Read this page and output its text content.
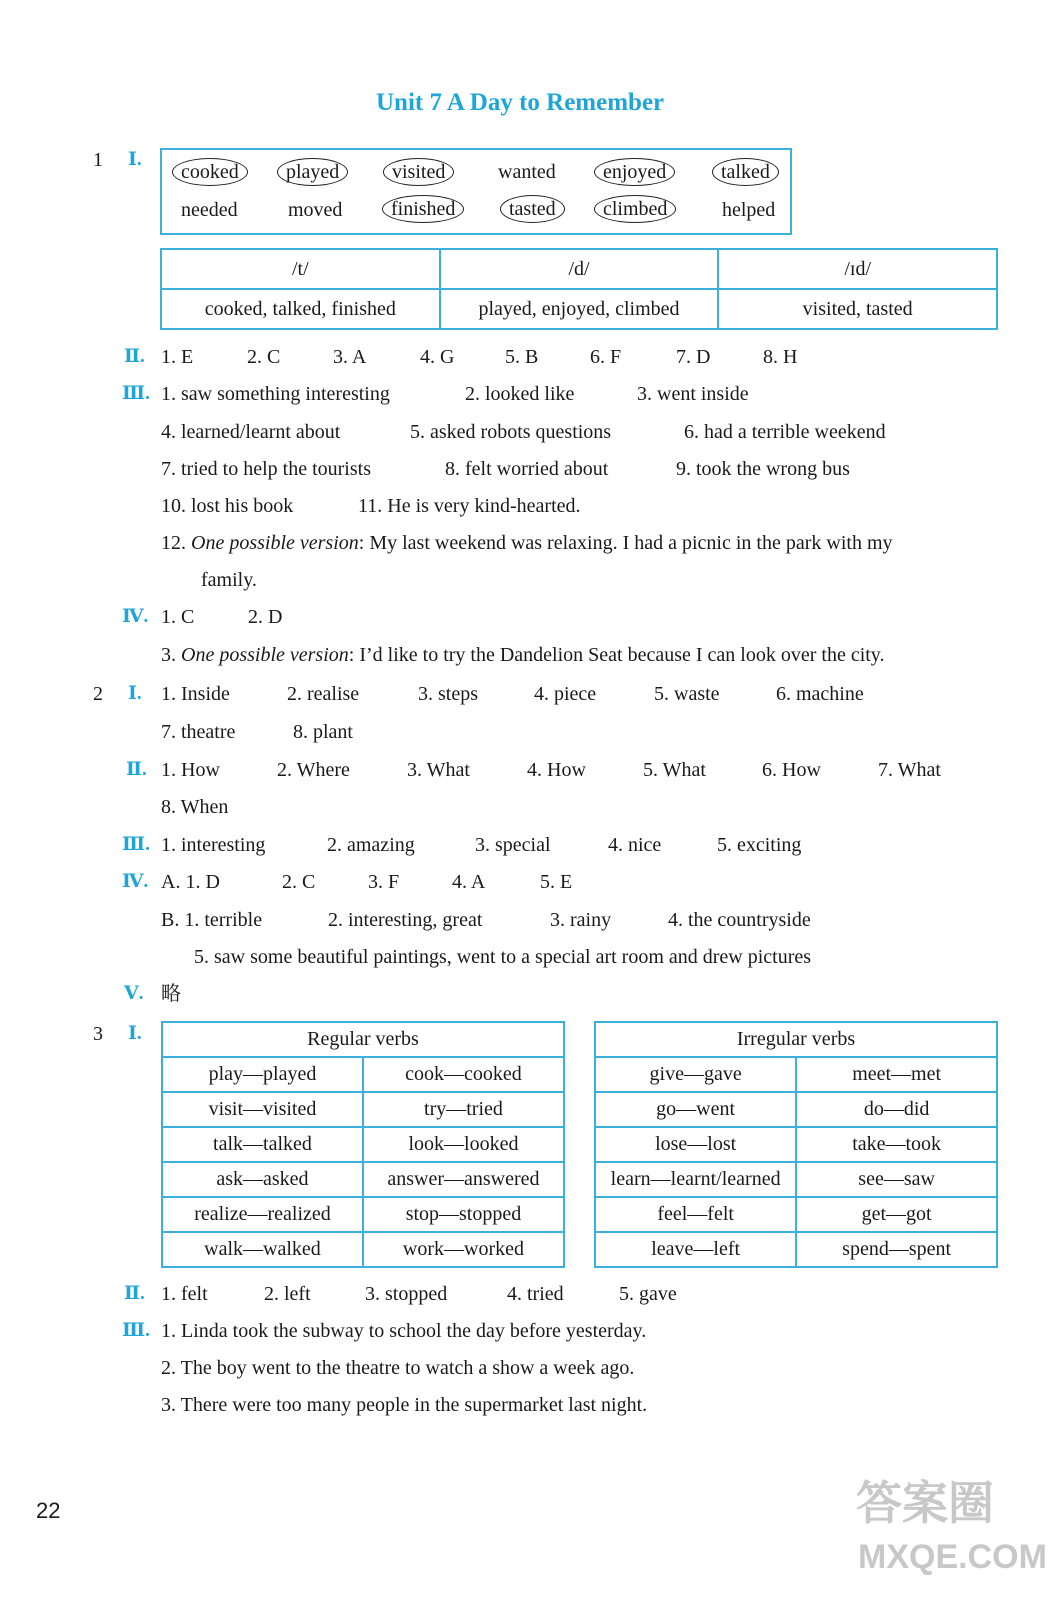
Unit 7 A Day to Remember
1 Ⅰ.
cooked	played	visited	wanted	enjoyed	talked
needed	moved	finished	tasted	climbed	helped
/t/	/d/	/ɪd/
cooked, talked, finished	played, enjoyed, climbed	visited, tasted
Ⅱ. 1. E	2. C	3. A	4. G	5. B	6. F	7. D	8. H
Ⅲ. 1. saw something interesting	2. looked like	3. went inside
4. learned/learnt about	5. asked robots questions	6. had a terrible weekend
7. tried to help the tourists	8. felt worried about	9. took the wrong bus
10. lost his book	11. He is very kind-hearted.
12. One possible version: My last weekend was relaxing. I had a picnic in the park with my
family.
Ⅳ. 1. C	2. D
3. One possible version: I’d like to try the Dandelion Seat because I can look over the city.
2 Ⅰ. 1. Inside	2. realise	3. steps	4. piece	5. waste	6. machine
7. theatre	8. plant
Ⅱ. 1. How	2. Where	3. What	4. How	5. What	6. How	7. What
8. When
Ⅲ. 1. interesting	2. amazing	3. special	4. nice	5. exciting
Ⅳ. A. 1. D	2. C	3. F	4. A	5. E
B. 1. terrible	2. interesting, great	3. rainy	4. the countryside
5. saw some beautiful paintings, went to a special art room and drew pictures
Ⅴ. 略
3 Ⅰ.	Regular verbs	
play—played	cook—cooked
visit—visited	try—tried
talk—talked	look—looked
ask—asked	answer—answered
realize—realized	stop—stopped
walk—walked	work—worked
Irregular verbs	
give—gave	meet—met
go—went	do—did
lose—lost	take—took
learn—learnt/learned	see—saw
feel—felt	get—got
leave—left	spend—spent
Ⅱ. 1. felt	2. left	3. stopped	4. tried	5. gave
Ⅲ. 1. Linda took the subway to school the day before yesterday.
2. The boy went to the theatre to watch a show a week ago.
3. There were too many people in the supermarket last night.
22	答案圈
MXQE.COM
